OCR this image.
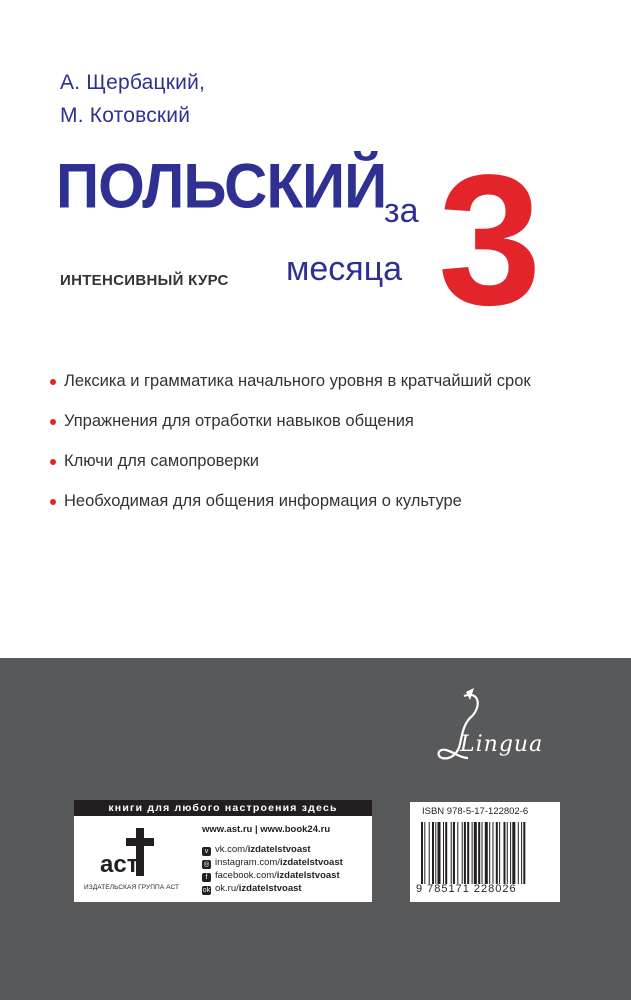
А. Щербацкий,
М. Котовский
ПОЛЬСКИЙ
за
месяца 3
ИНТЕНСИВНЫЙ КУРС
Лексика и грамматика начального уровня в кратчайший срок
Упражнения для отработки навыков общения
Ключи для самопроверки
Необходимая для общения информация о культуре
Lingua
книги для любого настроения здесь
аст
ИЗДАТЕЛЬСКАЯ ГРУППА АСТ
www.ast.ru | www.book24.ru
v vk.com/izdatelstvoast
◎ instagram.com/izdatelstvoast
f facebook.com/izdatelstvoast
ok ok.ru/izdatelstvoast
ISBN 978-5-17-122802-6
9 785171 228026
